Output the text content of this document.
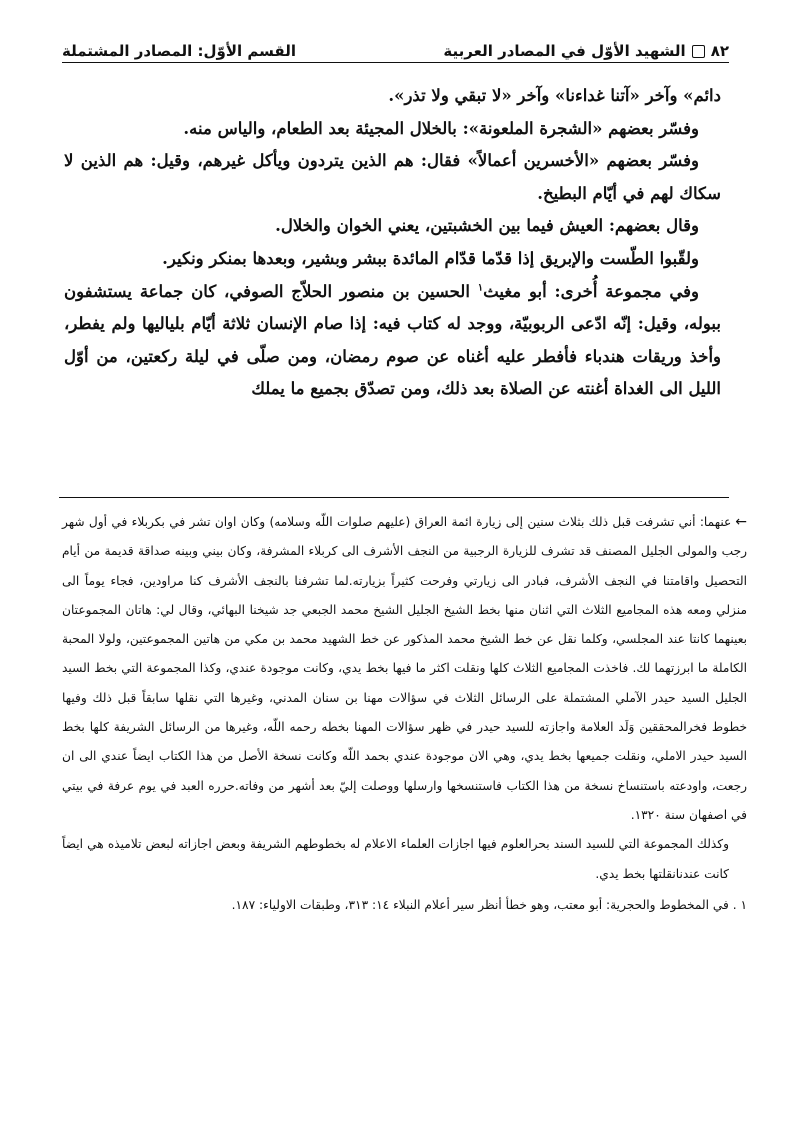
٨٢
الشهيد الأوّل في المصادر العربية
القسم الأوّل: المصادر المشتملة

دائم» وآخر «آتنا غداءنا» وآخر «لا تبقي ولا تذر».

وفسّر بعضهم «الشجرة الملعونة»: بالخلال المجيئة بعد الطعام، والياس منه.

وفسّر بعضهم «الأخسرين أعمالاً» فقال: هم الذين يتردون ويأكل غيرهم، وقيل: هم الذين لا سكاك لهم في أيّام البطيخ.

وقال بعضهم: العيش فيما بين الخشبتين، يعني الخوان والخلال.

ولقّبوا الطّست والإبريق إذا قدّما قدّام المائدة ببشر وبشير، وبعدها بمنكر ونكير.

وفي مجموعة أُخرى: أبو مغيث$^١$ الحسين بن منصور الحلاّج الصوفي، كان جماعة يستشفون ببوله، وقيل: إنّه ادّعى الربوبيّة، ووجد له كتاب فيه: إذا صام الإنسان ثلاثة أيّام بلياليها ولم يفطر، وأخذ وريقات هندباء فأفطر عليه أغناه عن صوم رمضان، ومن صلّى في ليلة ركعتين، من أوّل الليل الى الغداة أغنته عن الصلاة بعد ذلك، ومن تصدّق بجميع ما يملك

←عنهما: أني تشرفت قبل ذلك بثلاث سنين إلى زيارة ائمة العراق (عليهم صلوات اللّه وسلامه) وكان اوان تشر في بكربلاء في أول شهر رجب والمولى الجليل المصنف قد تشرف للزيارة الرجبية من النجف الأشرف الى كربلاء المشرفة، وكان بيني وبينه صداقة قديمة من أيام التحصيل واقامتنا في النجف الأشرف، فبادر الى زيارتي وفرحت كثيراً بزيارته.لما تشرفنا بالنجف الأشرف كنا مراودين، فجاء يوماً الى منزلي ومعه هذه المجاميع الثلاث التي اثنان منها بخط الشيخ الجليل الشيخ محمد الجبعي جد شيخنا البهائي، وقال لي: هاتان المجموعتان بعينهما كانتا عند المجلسي، وكلما نقل عن خط الشيخ محمد المذكور عن خط الشهيد محمد بن مكي من هاتين المجموعتين، ولولا المحبة الكاملة ما ابرزتهما لك. فاخذت المجاميع الثلاث كلها ونقلت اكثر ما فيها بخط يدي، وكانت موجودة عندي، وكذا المجموعة التي بخط السيد الجليل السيد حيدر الآملي المشتملة على الرسائل الثلاث في سؤالات مهنا بن سنان المدني، وغيرها التي نقلها سابقاً قبل ذلك وفيها خطوط فخرالمحققين وَلَد العلامة واجازته للسيد حيدر في ظهر سؤالات المهنا بخطه رحمه اللّه، وغيرها من الرسائل الشريفة كلها بخط السيد حيدر الاملي، ونقلت جميعها بخط يدي، وهي الان موجودة عندي بحمد اللّه وكانت نسخة الأصل من هذا الكتاب ايضاً عندي الى ان رجعت، واودعته باستنساخ نسخة من هذا الكتاب فاستنسخها وارسلها ووصلت إليّ بعد أشهر من وفاته.حرره العبد في يوم عرفة في بيتي في اصفهان سنة ١٣٢٠.

وكذلك المجموعة التي للسيد السند بحرالعلوم فيها اجازات العلماء الاعلام له بخطوطهم الشريفة وبعض اجازاته لبعض تلاميذه هي ايضاً كانت عندنانقلتها بخط يدي.

١ . في المخطوط والحجرية: أبو معتب، وهو خطأ أنظر سير أعلام النبلاء ١٤: ٣١٣، وطبقات الاولياء: ١٨٧.
